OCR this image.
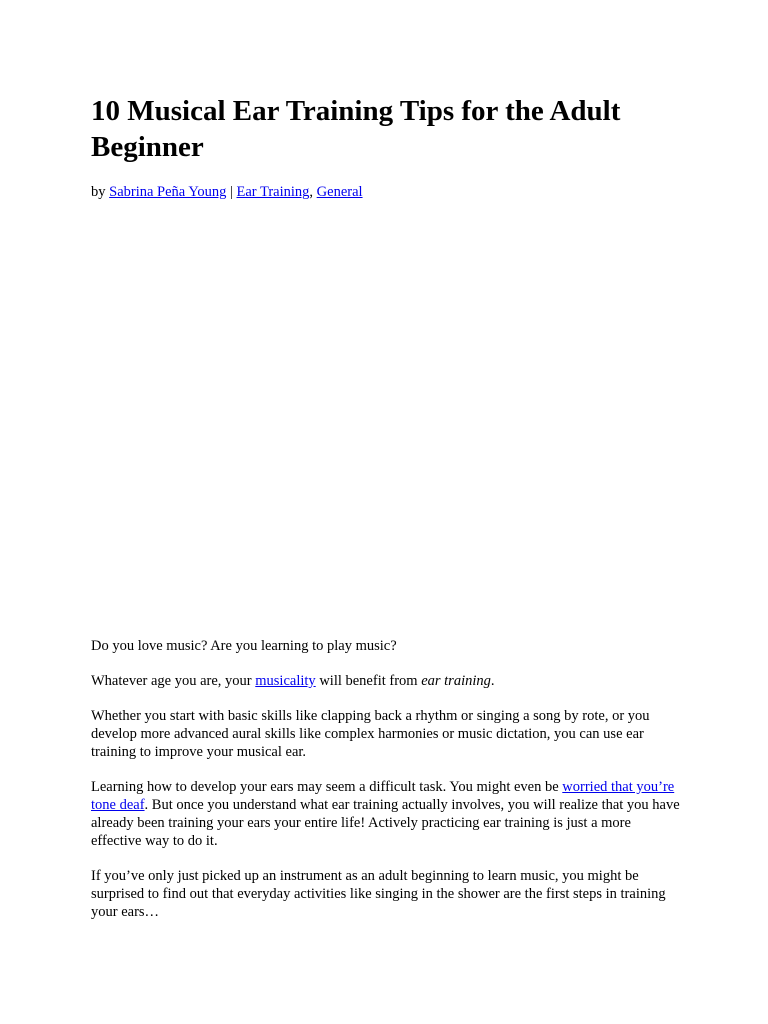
10 Musical Ear Training Tips for the Adult Beginner
by Sabrina Peña Young | Ear Training, General

Do you love music? Are you learning to play music?

Whatever age you are, your musicality will benefit from ear training.

Whether you start with basic skills like clapping back a rhythm or singing a song by rote, or you develop more advanced aural skills like complex harmonies or music dictation, you can use ear training to improve your musical ear.

Learning how to develop your ears may seem a difficult task. You might even be worried that you’re tone deaf. But once you understand what ear training actually involves, you will realize that you have already been training your ears your entire life! Actively practicing ear training is just a more effective way to do it.

If you’ve only just picked up an instrument as an adult beginning to learn music, you might be surprised to find out that everyday activities like singing in the shower are the first steps in training your ears…
